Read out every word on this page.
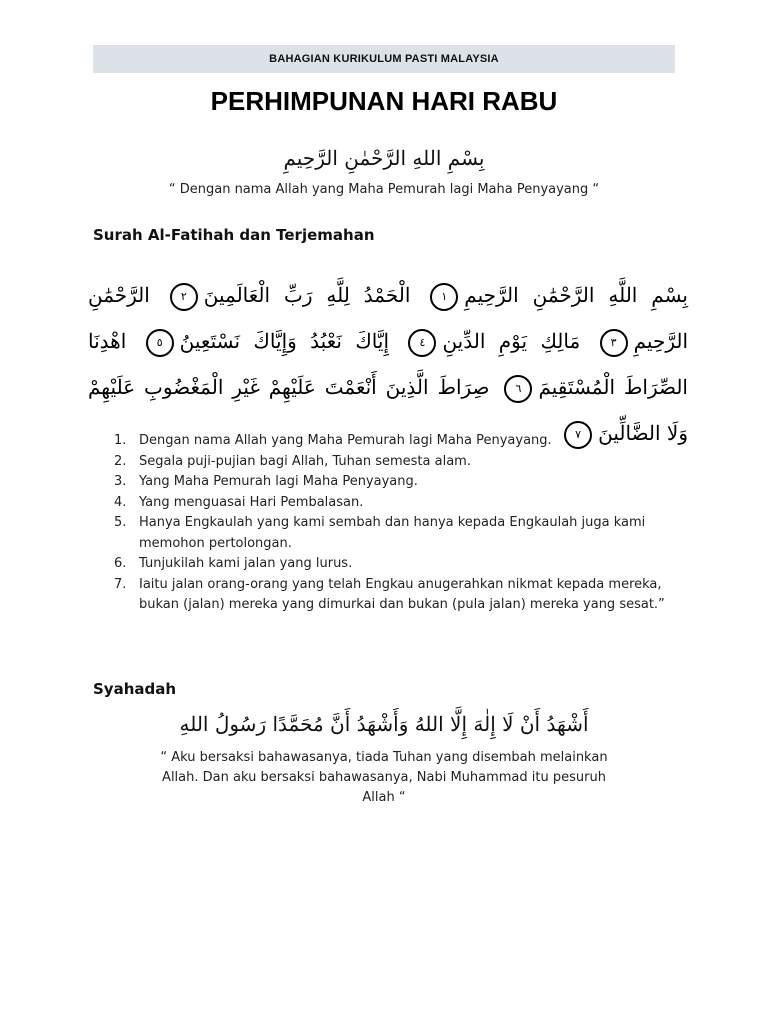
BAHAGIAN KURIKULUM PASTI MALAYSIA
PERHIMPUNAN HARI RABU
بِسْمِ اللهِ الرَّحْمٰنِ الرَّحِيمِ
“ Dengan nama Allah yang Maha Pemurah lagi Maha Penyayang “
Surah Al-Fatihah dan Terjemahan
بِسْمِ اللَّهِ الرَّحْمَٰنِ الرَّحِيمِ١ الْحَمْدُ لِلَّهِ رَبِّ الْعَالَمِينَ٢ الرَّحْمَٰنِ الرَّحِيمِ٣ مَالِكِ يَوْمِ الدِّينِ٤ إِيَّاكَ نَعْبُدُ وَإِيَّاكَ نَسْتَعِينُ٥ اهْدِنَا الصِّرَاطَ الْمُسْتَقِيمَ٦ صِرَاطَ الَّذِينَ أَنْعَمْتَ عَلَيْهِمْ غَيْرِ الْمَغْضُوبِ عَلَيْهِمْ وَلَا الضَّالِّينَ٧
1. Dengan nama Allah yang Maha Pemurah lagi Maha Penyayang.
2. Segala puji-pujian bagi Allah, Tuhan semesta alam.
3. Yang Maha Pemurah lagi Maha Penyayang.
4. Yang menguasai Hari Pembalasan.
5. Hanya Engkaulah yang kami sembah dan hanya kepada Engkaulah juga kami memohon pertolongan.
6. Tunjukilah kami jalan yang lurus.
7. Iaitu jalan orang-orang yang telah Engkau anugerahkan nikmat kepada mereka, bukan (jalan) mereka yang dimurkai dan bukan (pula jalan) mereka yang sesat.”
Syahadah
أَشْهَدُ أَنْ لَا إِلٰهَ إِلَّا اللهُ وَأَشْهَدُ أَنَّ مُحَمَّدًا رَسُولُ اللهِ
“ Aku bersaksi bahawasanya, tiada Tuhan yang disembah melainkan Allah. Dan aku bersaksi bahawasanya, Nabi Muhammad itu pesuruh Allah “
